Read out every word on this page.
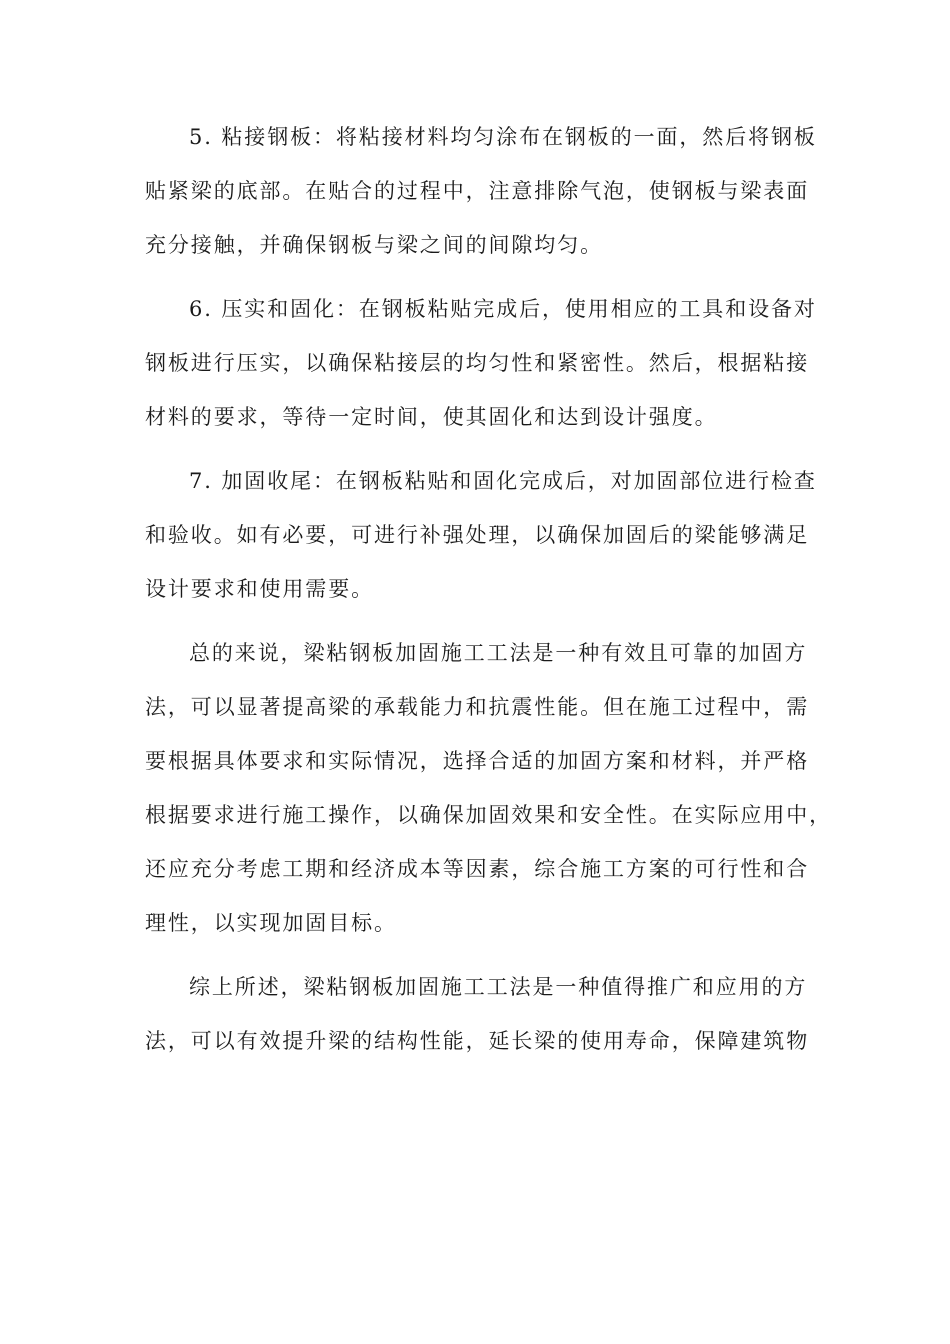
5. 粘接钢板：将粘接材料均匀涂布在钢板的一面，然后将钢板
贴紧梁的底部。在贴合的过程中，注意排除气泡，使钢板与梁表面
充分接触，并确保钢板与梁之间的间隙均匀。
6. 压实和固化：在钢板粘贴完成后，使用相应的工具和设备对
钢板进行压实，以确保粘接层的均匀性和紧密性。然后，根据粘接
材料的要求，等待一定时间，使其固化和达到设计强度。
7. 加固收尾：在钢板粘贴和固化完成后，对加固部位进行检查
和验收。如有必要，可进行补强处理，以确保加固后的梁能够满足
设计要求和使用需要。
总的来说，梁粘钢板加固施工工法是一种有效且可靠的加固方
法，可以显著提高梁的承载能力和抗震性能。但在施工过程中，需
要根据具体要求和实际情况，选择合适的加固方案和材料，并严格
根据要求进行施工操作，以确保加固效果和安全性。在实际应用中，
还应充分考虑工期和经济成本等因素，综合施工方案的可行性和合
理性，以实现加固目标。
综上所述，梁粘钢板加固施工工法是一种值得推广和应用的方
法，可以有效提升梁的结构性能，延长梁的使用寿命，保障建筑物
